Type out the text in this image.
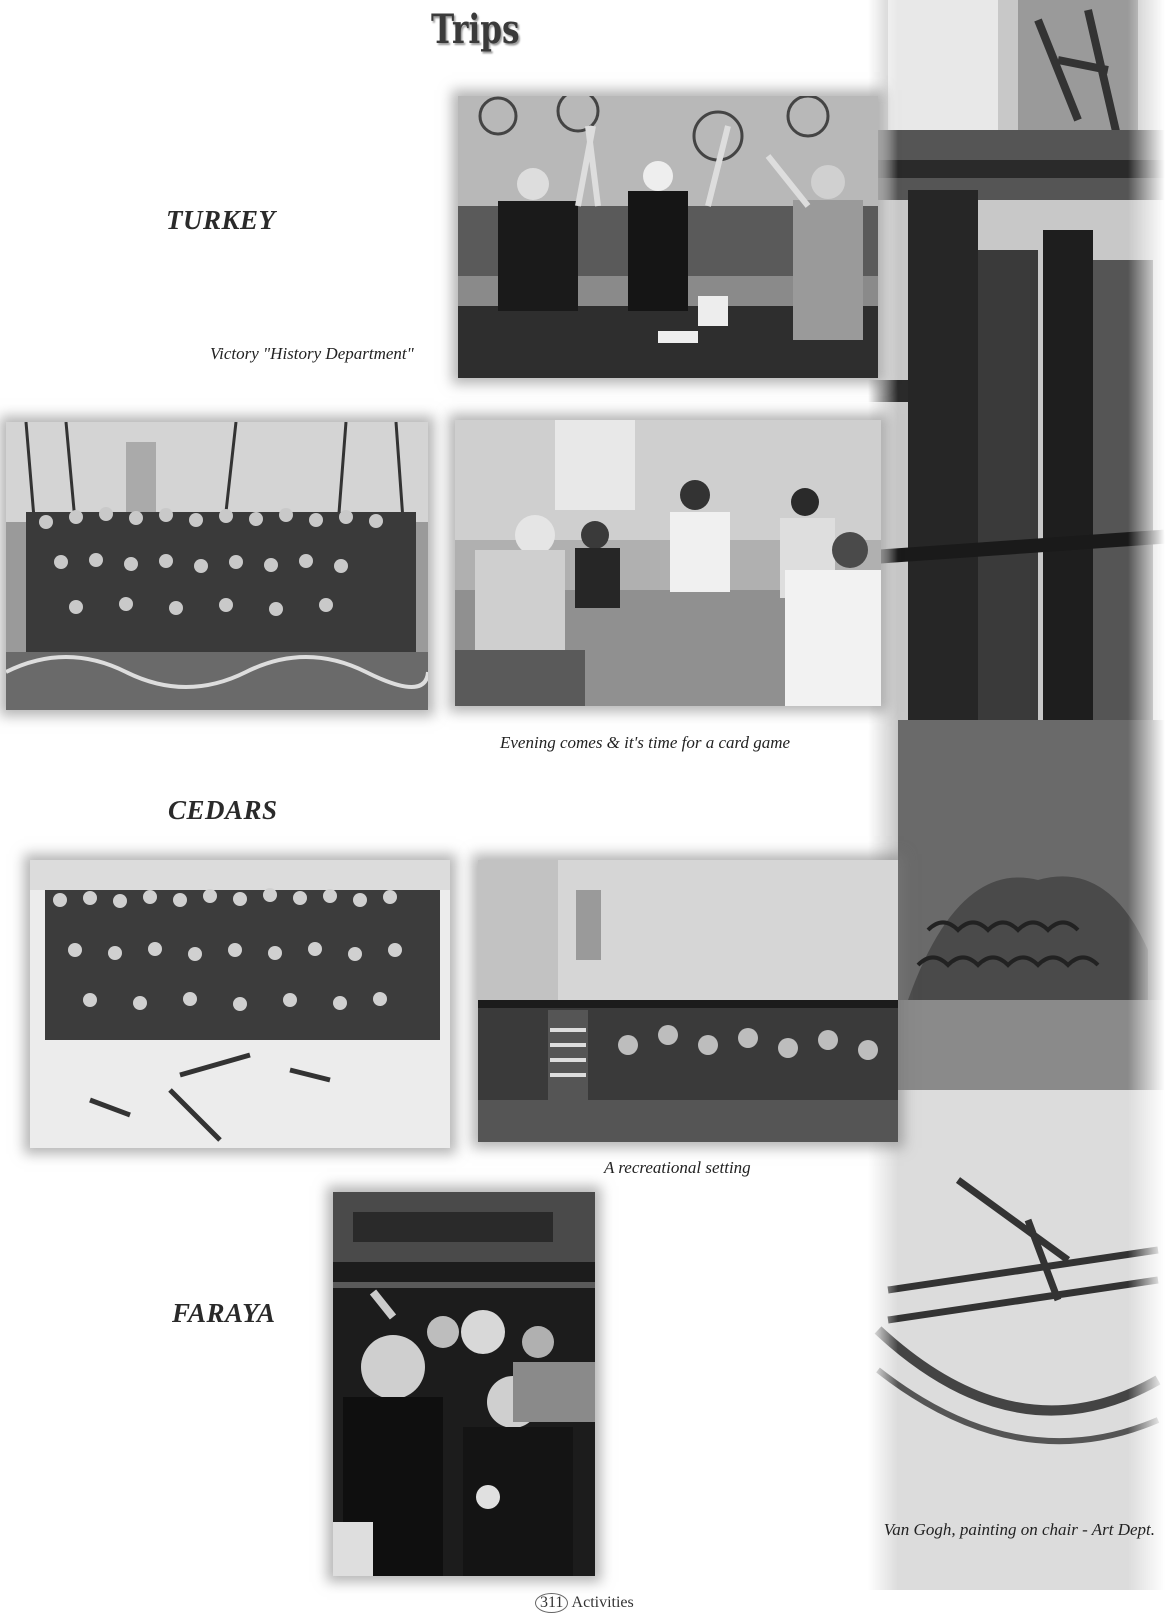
Trips
TURKEY
Victory "History Department"
Evening comes & it's time for a card game
CEDARS
A recreational setting
FARAYA
Van Gogh, painting on chair - Art Dept.
311 Activities
